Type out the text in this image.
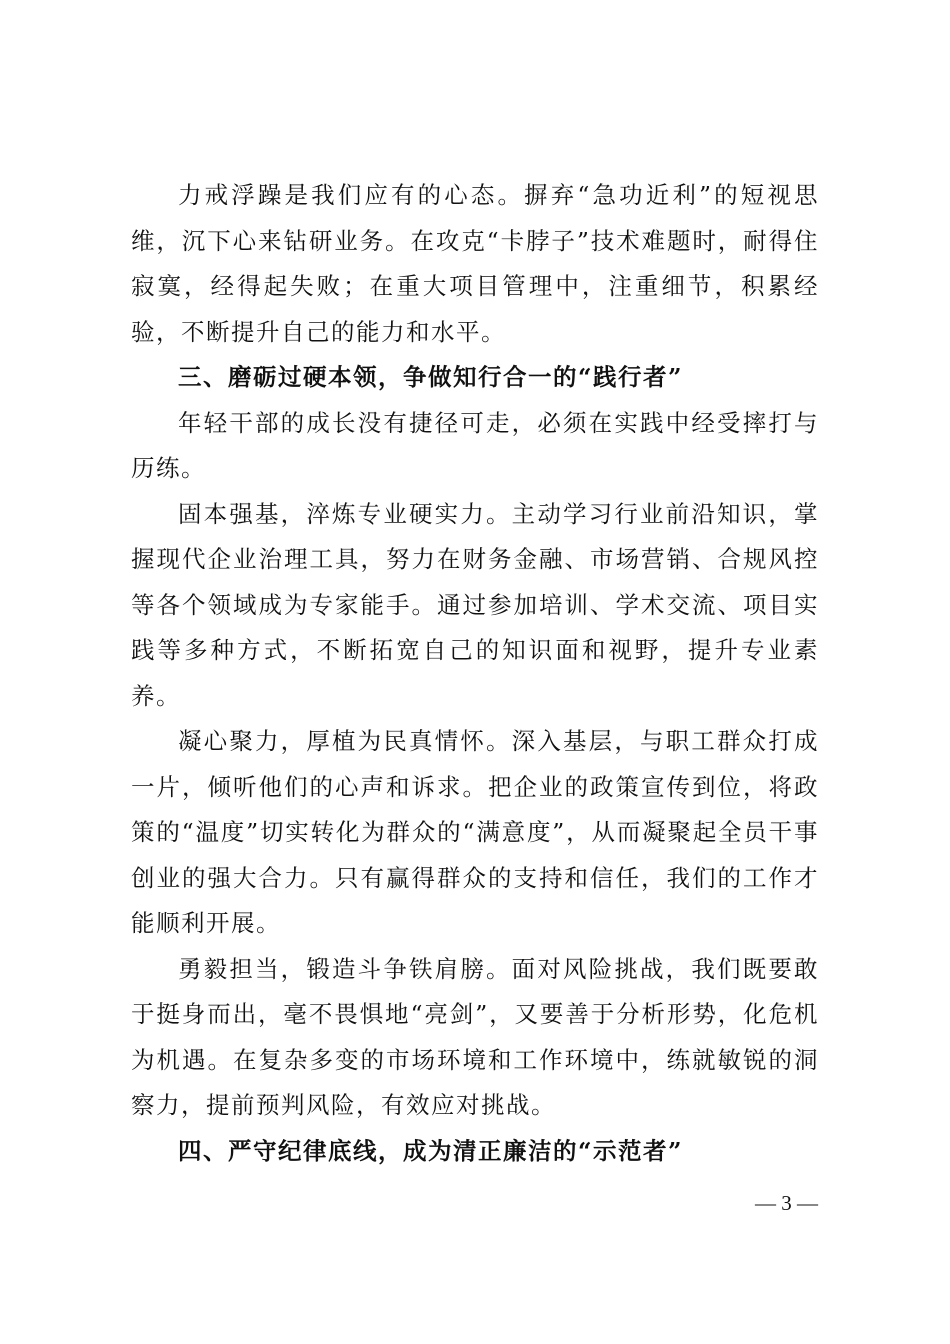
力戒浮躁是我们应有的心态。摒弃“急功近利”的短视思维，沉下心来钻研业务。在攻克“卡脖子”技术难题时，耐得住寂寞，经得起失败；在重大项目管理中，注重细节，积累经验，不断提升自己的能力和水平。

三、磨砺过硬本领，争做知行合一的“践行者”

年轻干部的成长没有捷径可走，必须在实践中经受摔打与历练。

固本强基，淬炼专业硬实力。主动学习行业前沿知识，掌握现代企业治理工具，努力在财务金融、市场营销、合规风控等各个领域成为专家能手。通过参加培训、学术交流、项目实践等多种方式，不断拓宽自己的知识面和视野，提升专业素养。

凝心聚力，厚植为民真情怀。深入基层，与职工群众打成一片，倾听他们的心声和诉求。把企业的政策宣传到位，将政策的“温度”切实转化为群众的“满意度”，从而凝聚起全员干事创业的强大合力。只有赢得群众的支持和信任，我们的工作才能顺利开展。

勇毅担当，锻造斗争铁肩膀。面对风险挑战，我们既要敢于挺身而出，毫不畏惧地“亮剑”，又要善于分析形势，化危机为机遇。在复杂多变的市场环境和工作环境中，练就敏锐的洞察力，提前预判风险，有效应对挑战。

四、严守纪律底线，成为清正廉洁的“示范者”

— 3 —
